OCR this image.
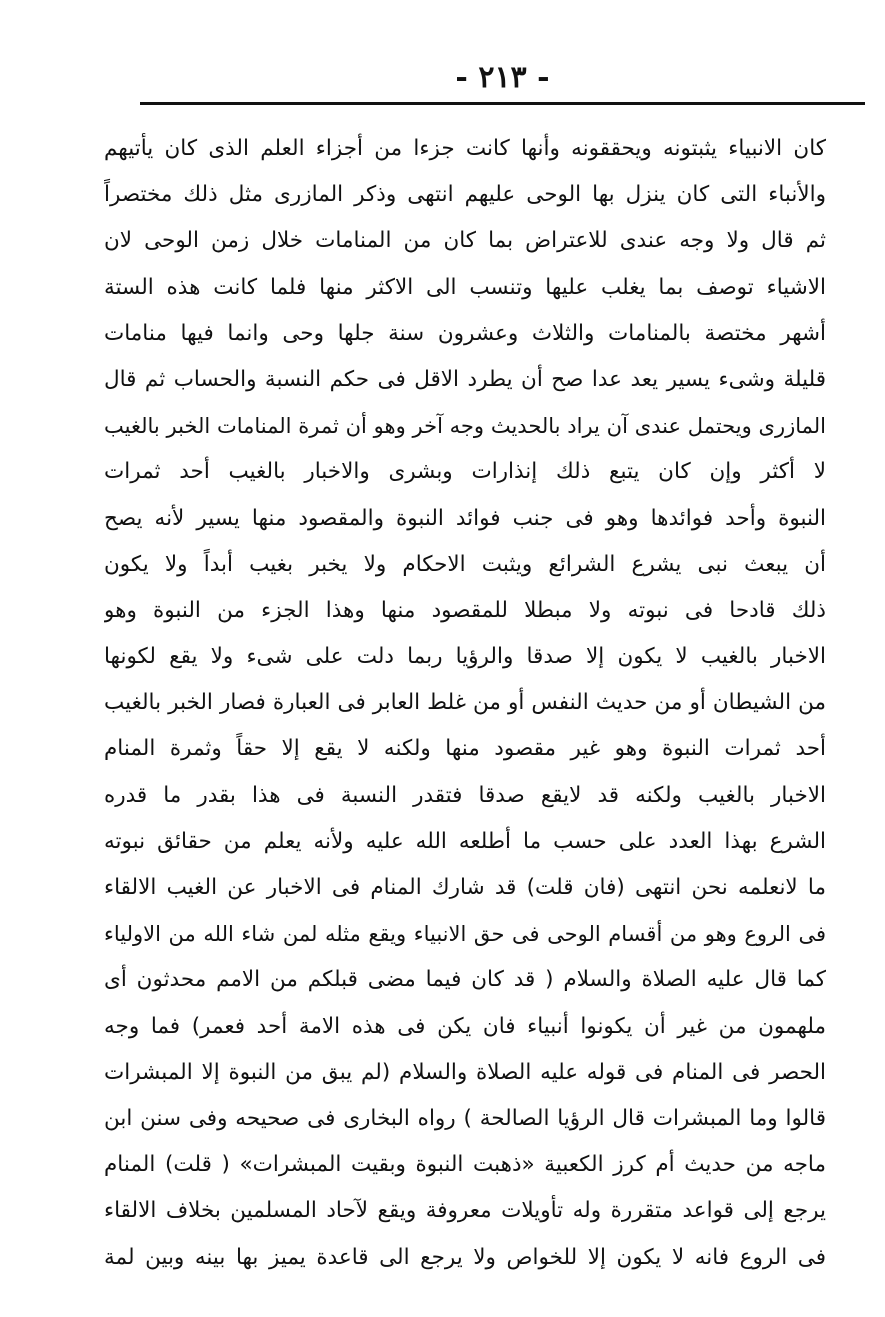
- ٢١٣ -
كان الانبياء يثبتونه ويحققونه وأنها كانت جزءا من أجزاء العلم الذى كان يأتيهم
والأنباء التى كان ينزل بها الوحى عليهم انتهى وذكر المازرى مثل ذلك مختصراً
ثم قال ولا وجه عندى للاعتراض بما كان من المنامات خلال زمن الوحى لان
الاشياء توصف بما يغلب عليها وتنسب الى الاكثر منها فلما كانت هذه الستة
أشهر مختصة بالمنامات والثلاث وعشرون سنة جلها وحى وانما فيها منامات
قليلة وشىء يسير يعد عدا صح أن يطرد الاقل فى حكم النسبة والحساب ثم قال
المازرى ويحتمل عندى آن يراد بالحديث وجه آخر وهو أن ثمرة المنامات الخبر بالغيب
لا أكثر وإن كان يتبع ذلك إنذارات وبشرى والاخبار بالغيب أحد ثمرات
النبوة وأحد فوائدها وهو فى جنب فوائد النبوة والمقصود منها يسير لأنه يصح
أن يبعث نبى يشرع الشرائع ويثبت الاحكام ولا يخبر بغيب أبداً ولا يكون
ذلك قادحا فى نبوته ولا مبطلا للمقصود منها وهذا الجزء من النبوة وهو
الاخبار بالغيب لا يكون إلا صدقا والرؤيا ربما دلت على شىء ولا يقع لكونها
من الشيطان أو من حديث النفس أو من غلط العابر فى العبارة فصار الخبر بالغيب
أحد ثمرات النبوة وهو غير مقصود منها ولكنه لا يقع إلا حقاً وثمرة المنام
الاخبار بالغيب ولكنه قد لايقع صدقا فتقدر النسبة فى هذا بقدر ما قدره
الشرع بهذا العدد على حسب ما أطلعه الله عليه ولأنه يعلم من حقائق نبوته
ما لانعلمه نحن انتهى (فان قلت) قد شارك المنام فى الاخبار عن الغيب الالقاء
فى الروع وهو من أقسام الوحى فى حق الانبياء ويقع مثله لمن شاء الله من الاولياء
كما قال عليه الصلاة والسلام ( قد كان فيما مضى قبلكم من الامم محدثون أى
ملهمون من غير أن يكونوا أنبياء فان يكن فى هذه الامة أحد فعمر) فما وجه
الحصر فى المنام فى قوله عليه الصلاة والسلام (لم يبق من النبوة إلا المبشرات
قالوا وما المبشرات قال الرؤيا الصالحة ) رواه البخارى فى صحيحه وفى سنن ابن
ماجه من حديث أم كرز الكعبية «ذهبت النبوة وبقيت المبشرات» ( قلت) المنام
يرجع إلى قواعد متقررة وله تأويلات معروفة ويقع لآحاد المسلمين بخلاف الالقاء
فى الروع فانه لا يكون إلا للخواص ولا يرجع الى قاعدة يميز بها بينه وبين لمة
